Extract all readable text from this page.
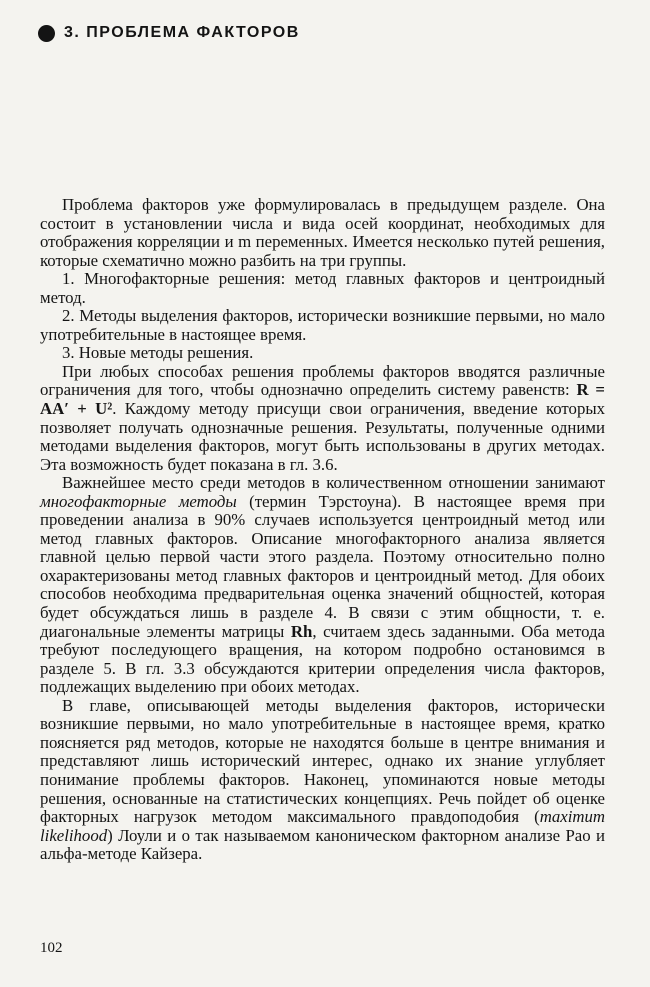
3. ПРОБЛЕМА ФАКТОРОВ

Проблема факторов уже формулировалась в предыдущем разделе. Она состоит в установлении числа и вида осей координат, необходимых для отображения корреляции и m переменных. Имеется несколько путей решения, которые схематично можно разбить на три группы.

1. Многофакторные решения: метод главных факторов и центроидный метод.

2. Методы выделения факторов, исторически возникшие первыми, но мало употребительные в настоящее время.

3. Новые методы решения.

При любых способах решения проблемы факторов вводятся различные ограничения для того, чтобы однозначно определить систему равенств: R = AA′ + U². Каждому методу присущи свои ограничения, введение которых позволяет получать однозначные решения. Результаты, полученные одними методами выделения факторов, могут быть использованы в других методах. Эта возможность будет показана в гл. 3.6.

Важнейшее место среди методов в количественном отношении занимают многофакторные методы (термин Тэрстоуна). В настоящее время при проведении анализа в 90% случаев используется центроидный метод или метод главных факторов. Описание многофакторного анализа является главной целью первой части этого раздела. Поэтому относительно полно охарактеризованы метод главных факторов и центроидный метод. Для обоих способов необходима предварительная оценка значений общностей, которая будет обсуждаться лишь в разделе 4. В связи с этим общности, т. е. диагональные элементы матрицы Rh, считаем здесь заданными. Оба метода требуют последующего вращения, на котором подробно остановимся в разделе 5. В гл. 3.3 обсуждаются критерии определения числа факторов, подлежащих выделению при обоих методах.

В главе, описывающей методы выделения факторов, исторически возникшие первыми, но мало употребительные в настоящее время, кратко поясняется ряд методов, которые не находятся больше в центре внимания и представляют лишь исторический интерес, однако их знание углубляет понимание проблемы факторов. Наконец, упоминаются новые методы решения, основанные на статистических концепциях. Речь пойдет об оценке факторных нагрузок методом максимального правдоподобия (maximum likelihood) Лоули и о так называемом каноническом факторном анализе Рао и альфа-методе Кайзера.

102
